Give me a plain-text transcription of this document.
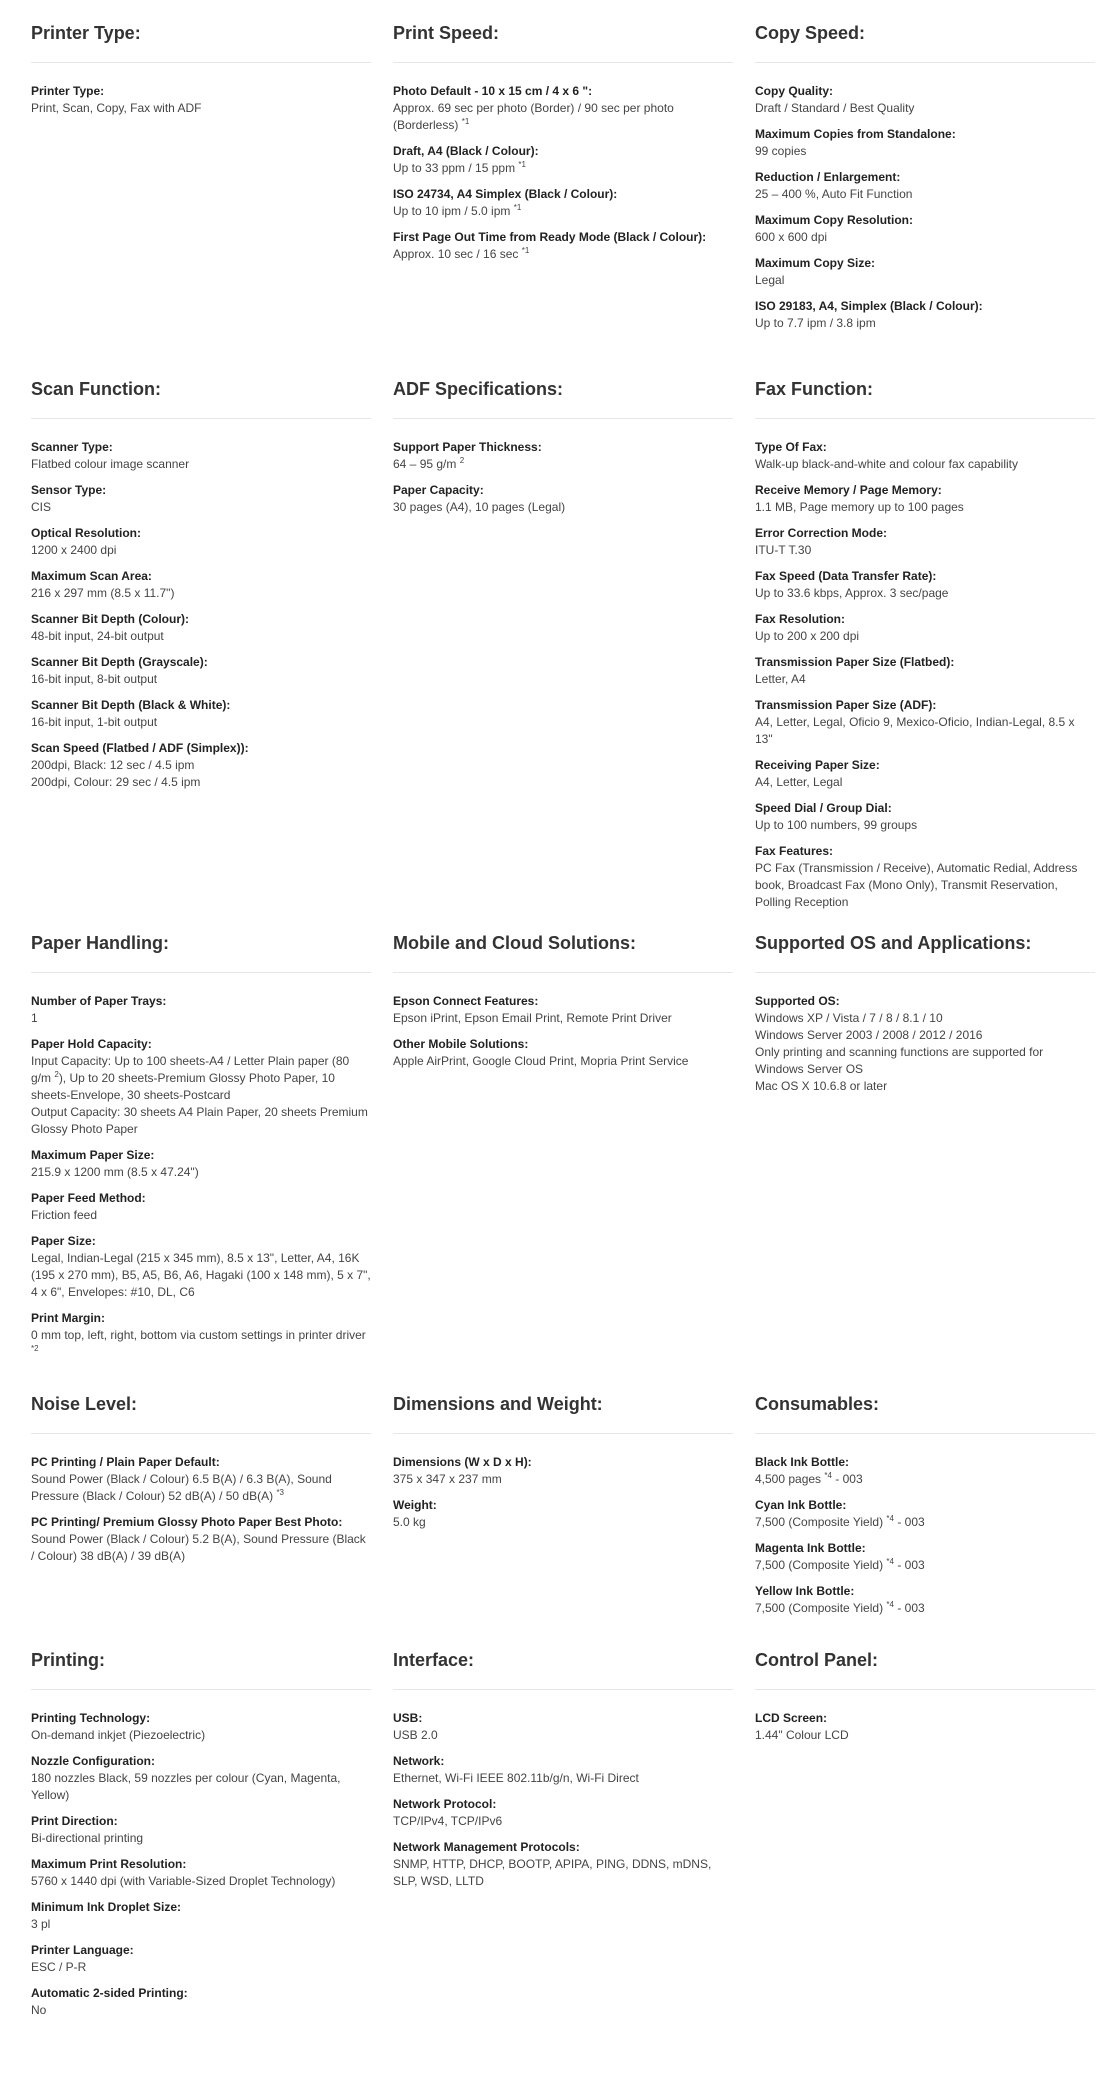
Printer Type:
Printer Type:
Print, Scan, Copy, Fax with ADF
Print Speed:
Photo Default - 10 x 15 cm / 4 x 6 ":
Approx. 69 sec per photo (Border) / 90 sec per photo (Borderless) $^{*1}$
Draft, A4 (Black / Colour):
Up to 33 ppm / 15 ppm $^{*1}$
ISO 24734, A4 Simplex (Black / Colour):
Up to 10 ipm / 5.0 ipm $^{*1}$
First Page Out Time from Ready Mode (Black / Colour):
Approx. 10 sec / 16 sec $^{*1}$
Copy Speed:
Copy Quality:
Draft / Standard / Best Quality
Maximum Copies from Standalone:
99 copies
Reduction / Enlargement:
25 – 400 %, Auto Fit Function
Maximum Copy Resolution:
600 x 600 dpi
Maximum Copy Size:
Legal
ISO 29183, A4, Simplex (Black / Colour):
Up to 7.7 ipm / 3.8 ipm
Scan Function:
Scanner Type:
Flatbed colour image scanner
Sensor Type:
CIS
Optical Resolution:
1200 x 2400 dpi
Maximum Scan Area:
216 x 297 mm (8.5 x 11.7")
Scanner Bit Depth (Colour):
48-bit input, 24-bit output
Scanner Bit Depth (Grayscale):
16-bit input, 8-bit output
Scanner Bit Depth (Black & White):
16-bit input, 1-bit output
Scan Speed (Flatbed / ADF (Simplex)):
200dpi, Black: 12 sec / 4.5 ipm
200dpi, Colour: 29 sec / 4.5 ipm
ADF Specifications:
Support Paper Thickness:
64 – 95 g/m $^2$
Paper Capacity:
30 pages (A4), 10 pages (Legal)
Fax Function:
Type Of Fax:
Walk-up black-and-white and colour fax capability
Receive Memory / Page Memory:
1.1 MB, Page memory up to 100 pages
Error Correction Mode:
ITU-T T.30
Fax Speed (Data Transfer Rate):
Up to 33.6 kbps, Approx. 3 sec/page
Fax Resolution:
Up to 200 x 200 dpi
Transmission Paper Size (Flatbed):
Letter, A4
Transmission Paper Size (ADF):
A4, Letter, Legal, Oficio 9, Mexico-Oficio, Indian-Legal, 8.5 x 13"
Receiving Paper Size:
A4, Letter, Legal
Speed Dial / Group Dial:
Up to 100 numbers, 99 groups
Fax Features:
PC Fax (Transmission / Receive), Automatic Redial, Address book, Broadcast Fax (Mono Only), Transmit Reservation, Polling Reception
Paper Handling:
Number of Paper Trays:
1
Paper Hold Capacity:
Input Capacity: Up to 100 sheets-A4 / Letter Plain paper (80 g/m $^2$), Up to 20 sheets-Premium Glossy Photo Paper, 10 sheets-Envelope, 30 sheets-Postcard
Output Capacity: 30 sheets A4 Plain Paper, 20 sheets Premium Glossy Photo Paper
Maximum Paper Size:
215.9 x 1200 mm (8.5 x 47.24")
Paper Feed Method:
Friction feed
Paper Size:
Legal, Indian-Legal (215 x 345 mm), 8.5 x 13", Letter, A4, 16K (195 x 270 mm), B5, A5, B6, A6, Hagaki (100 x 148 mm), 5 x 7", 4 x 6", Envelopes: #10, DL, C6
Print Margin:
0 mm top, left, right, bottom via custom settings in printer driver $^{*2}$
Mobile and Cloud Solutions:
Epson Connect Features:
Epson iPrint, Epson Email Print, Remote Print Driver
Other Mobile Solutions:
Apple AirPrint, Google Cloud Print, Mopria Print Service
Supported OS and Applications:
Supported OS:
Windows XP / Vista / 7 / 8 / 8.1 / 10
Windows Server 2003 / 2008 / 2012 / 2016
Only printing and scanning functions are supported for Windows Server OS
Mac OS X 10.6.8 or later
Noise Level:
PC Printing / Plain Paper Default:
Sound Power (Black / Colour) 6.5 B(A) / 6.3 B(A), Sound Pressure (Black / Colour) 52 dB(A) / 50 dB(A) $^{*3}$
PC Printing/ Premium Glossy Photo Paper Best Photo:
Sound Power (Black / Colour) 5.2 B(A), Sound Pressure (Black / Colour) 38 dB(A) / 39 dB(A)
Dimensions and Weight:
Dimensions (W x D x H):
375 x 347 x 237 mm
Weight:
5.0 kg
Consumables:
Black Ink Bottle:
4,500 pages $^{*4}$ - 003
Cyan Ink Bottle:
7,500 (Composite Yield) $^{*4}$ - 003
Magenta Ink Bottle:
7,500 (Composite Yield) $^{*4}$ - 003
Yellow Ink Bottle:
7,500 (Composite Yield) $^{*4}$ - 003
Printing:
Printing Technology:
On-demand inkjet (Piezoelectric)
Nozzle Configuration:
180 nozzles Black, 59 nozzles per colour (Cyan, Magenta, Yellow)
Print Direction:
Bi-directional printing
Maximum Print Resolution:
5760 x 1440 dpi (with Variable-Sized Droplet Technology)
Minimum Ink Droplet Size:
3 pl
Printer Language:
ESC / P-R
Automatic 2-sided Printing:
No
Interface:
USB:
USB 2.0
Network:
Ethernet, Wi-Fi IEEE 802.11b/g/n, Wi-Fi Direct
Network Protocol:
TCP/IPv4, TCP/IPv6
Network Management Protocols:
SNMP, HTTP, DHCP, BOOTP, APIPA, PING, DDNS, mDNS, SLP, WSD, LLTD
Control Panel:
LCD Screen:
1.44" Colour LCD
